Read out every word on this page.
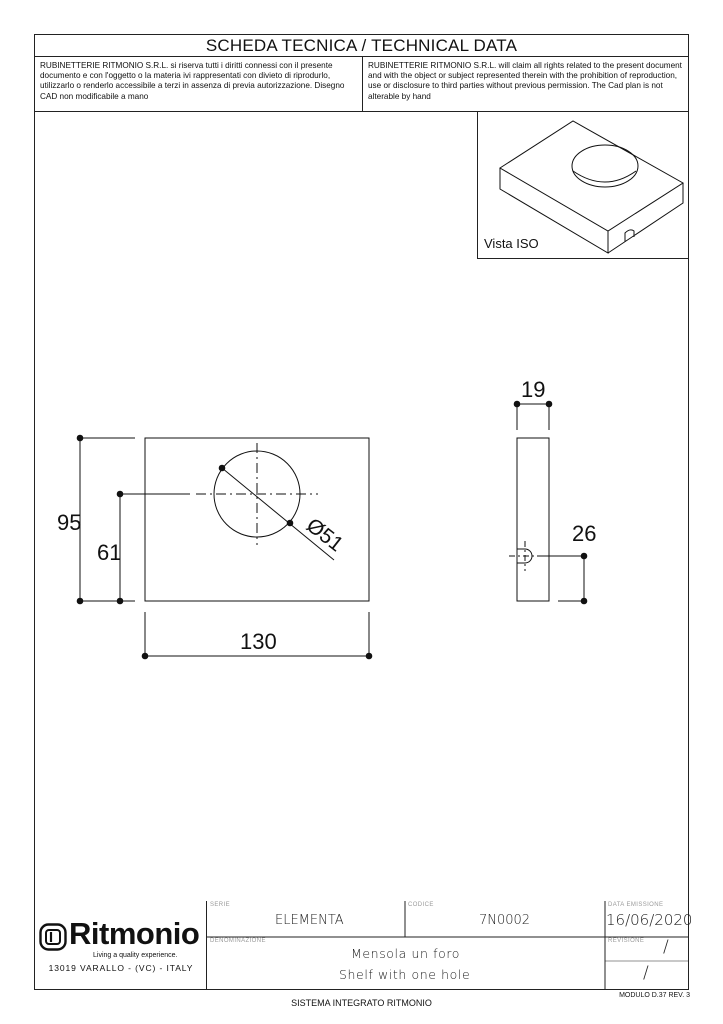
SCHEDA TECNICA / TECHNICAL DATA
RUBINETTERIE RITMONIO S.R.L. si riserva tutti i diritti connessi con il presente documento e con l'oggetto o la materia ivi rappresentati con divieto di riprodurlo, utilizzarlo o renderlo accessibile a terzi in assenza di previa autorizzazione. Disegno CAD non modificabile a mano
RUBINETTERIE RITMONIO S.R.L. will claim all rights related to the present document and with the object or subject represented therein with the prohibition of reproduction, use or disclosure to third parties without previous permission. The Cad plan is not alterable by hand
Vista ISO
Ritmonio
Living a quality experience.
13019 VARALLO - (VC) - ITALY
SERIE
ELEMENTA
CODICE
7N0002
DATA EMISSIONE
16/06/2020
DENOMINAZIONE
Mensola un foro
Shelf with one hole
REVISIONE /
/
95
61
130
Ø51
19
26
SISTEMA INTEGRATO RITMONIO
MODULO D.37 REV. 3
